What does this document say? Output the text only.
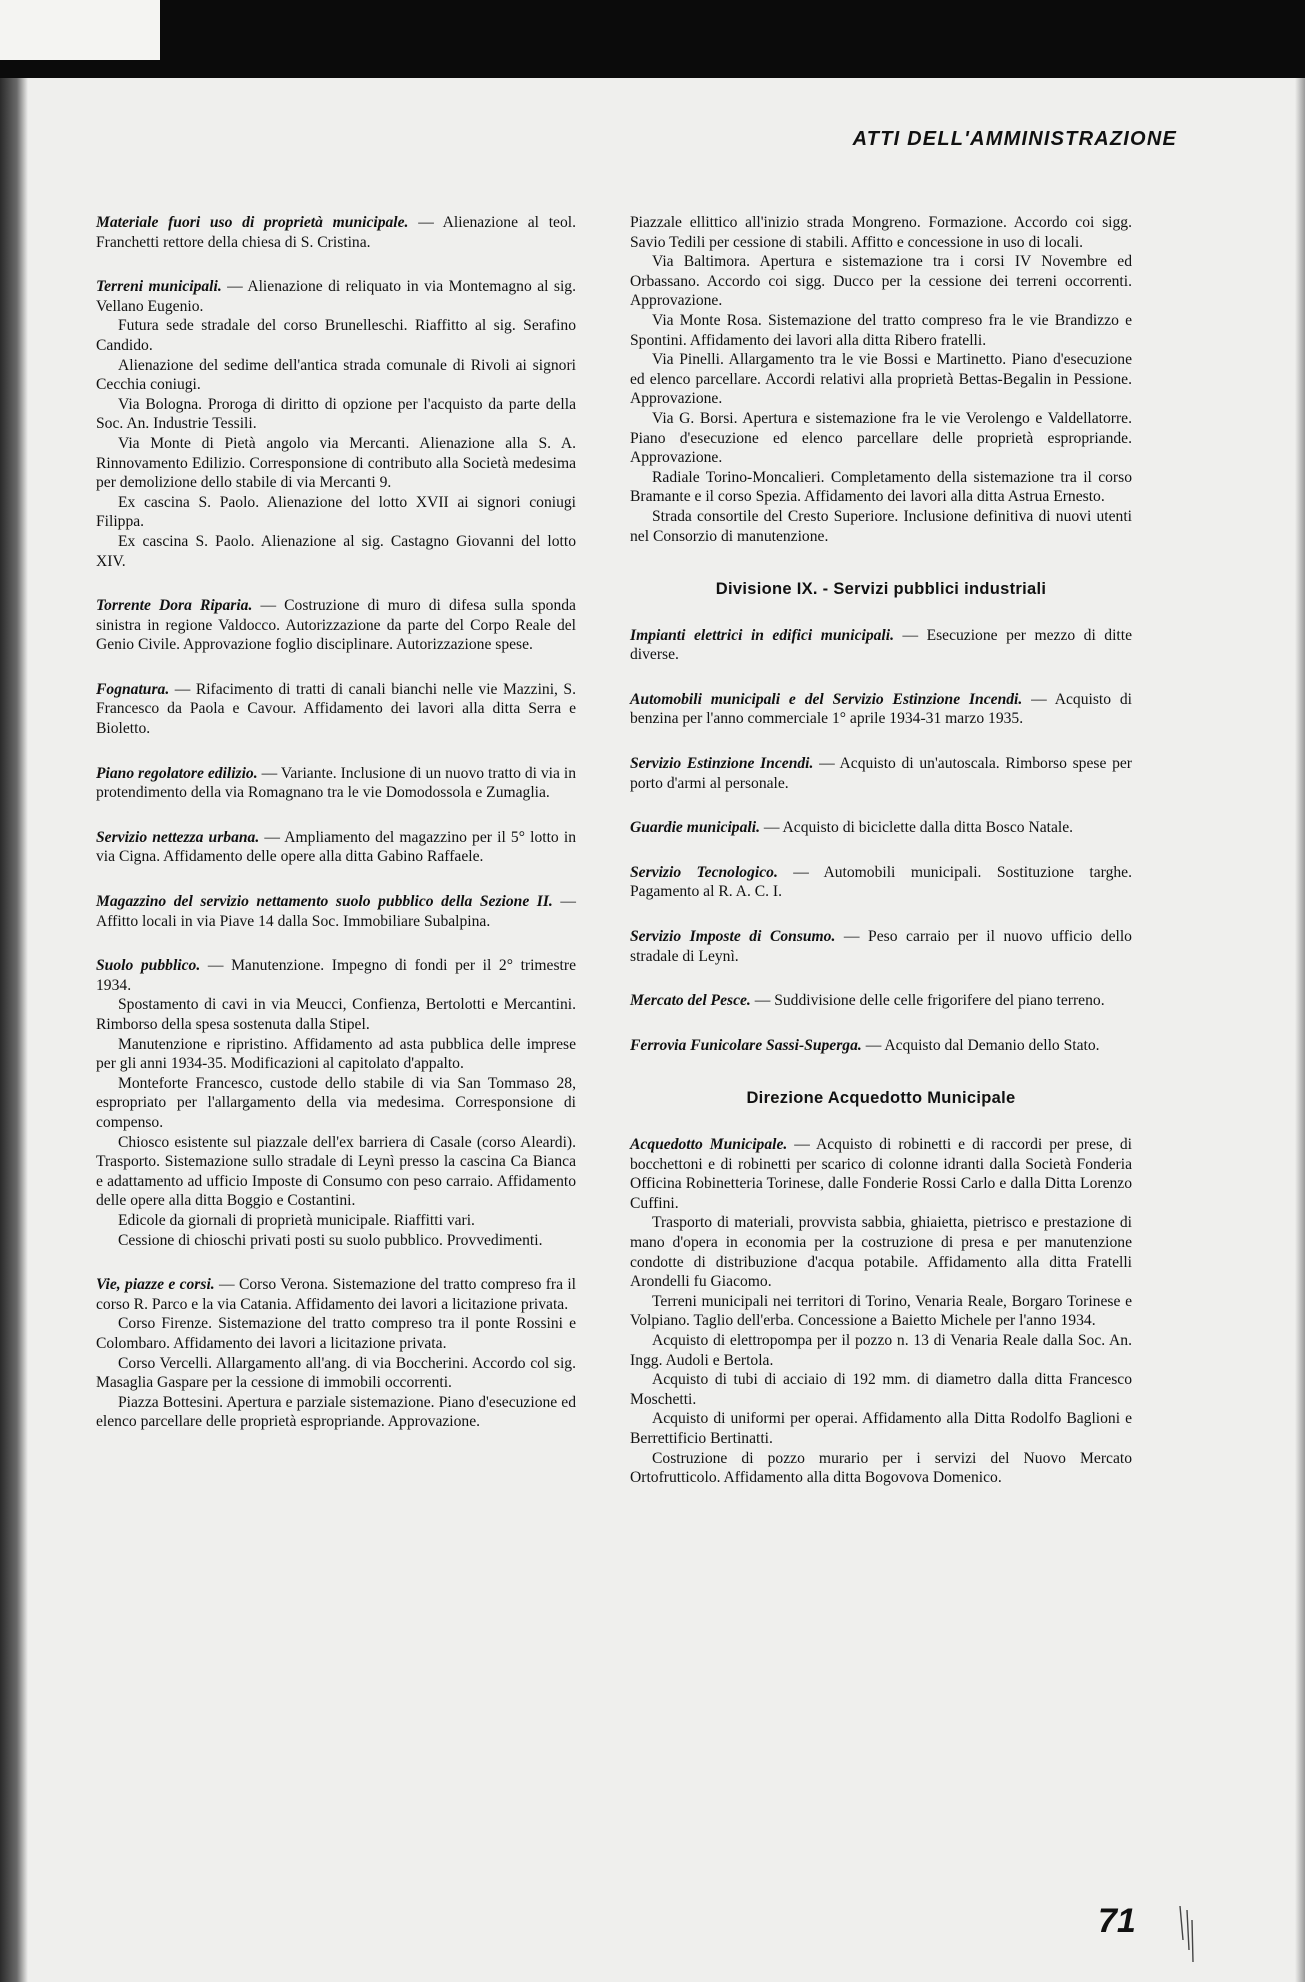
ATTI DELL'AMMINISTRAZIONE

Materiale fuori uso di proprietà municipale. — Alienazione al teol. Franchetti rettore della chiesa di S. Cristina.

Terreni municipali. — Alienazione di reliquato in via Montemagno al sig. Vellano Eugenio.

Futura sede stradale del corso Brunelleschi. Riaffitto al sig. Serafino Candido.

Alienazione del sedime dell'antica strada comunale di Rivoli ai signori Cecchia coniugi.

Via Bologna. Proroga di diritto di opzione per l'acquisto da parte della Soc. An. Industrie Tessili.

Via Monte di Pietà angolo via Mercanti. Alienazione alla S. A. Rinnovamento Edilizio. Corresponsione di contributo alla Società medesima per demolizione dello stabile di via Mercanti 9.

Ex cascina S. Paolo. Alienazione del lotto XVII ai signori coniugi Filippa.

Ex cascina S. Paolo. Alienazione al sig. Castagno Giovanni del lotto XIV.

Torrente Dora Riparia. — Costruzione di muro di difesa sulla sponda sinistra in regione Valdocco. Autorizzazione da parte del Corpo Reale del Genio Civile. Approvazione foglio disciplinare. Autorizzazione spese.

Fognatura. — Rifacimento di tratti di canali bianchi nelle vie Mazzini, S. Francesco da Paola e Cavour. Affidamento dei lavori alla ditta Serra e Bioletto.

Piano regolatore edilizio. — Variante. Inclusione di un nuovo tratto di via in protendimento della via Romagnano tra le vie Domodossola e Zumaglia.

Servizio nettezza urbana. — Ampliamento del magazzino per il 5° lotto in via Cigna. Affidamento delle opere alla ditta Gabino Raffaele.

Magazzino del servizio nettamento suolo pubblico della Sezione II. — Affitto locali in via Piave 14 dalla Soc. Immobiliare Subalpina.

Suolo pubblico. — Manutenzione. Impegno di fondi per il 2° trimestre 1934.

Spostamento di cavi in via Meucci, Confienza, Bertolotti e Mercantini. Rimborso della spesa sostenuta dalla Stipel.

Manutenzione e ripristino. Affidamento ad asta pubblica delle imprese per gli anni 1934-35. Modificazioni al capitolato d'appalto.

Monteforte Francesco, custode dello stabile di via San Tommaso 28, espropriato per l'allargamento della via medesima. Corresponsione di compenso.

Chiosco esistente sul piazzale dell'ex barriera di Casale (corso Aleardi). Trasporto. Sistemazione sullo stradale di Leynì presso la cascina Ca Bianca e adattamento ad ufficio Imposte di Consumo con peso carraio. Affidamento delle opere alla ditta Boggio e Costantini.

Edicole da giornali di proprietà municipale. Riaffitti vari.

Cessione di chioschi privati posti su suolo pubblico. Provvedimenti.

Vie, piazze e corsi. — Corso Verona. Sistemazione del tratto compreso fra il corso R. Parco e la via Catania. Affidamento dei lavori a licitazione privata.

Corso Firenze. Sistemazione del tratto compreso tra il ponte Rossini e Colombaro. Affidamento dei lavori a licitazione privata.

Corso Vercelli. Allargamento all'ang. di via Boccherini. Accordo col sig. Masaglia Gaspare per la cessione di immobili occorrenti.

Piazza Bottesini. Apertura e parziale sistemazione. Piano d'esecuzione ed elenco parcellare delle proprietà espropriande. Approvazione.

Piazzale ellittico all'inizio strada Mongreno. Formazione. Accordo coi sigg. Savio Tedili per cessione di stabili. Affitto e concessione in uso di locali.

Via Baltimora. Apertura e sistemazione tra i corsi IV Novembre ed Orbassano. Accordo coi sigg. Ducco per la cessione dei terreni occorrenti. Approvazione.

Via Monte Rosa. Sistemazione del tratto compreso fra le vie Brandizzo e Spontini. Affidamento dei lavori alla ditta Ribero fratelli.

Via Pinelli. Allargamento tra le vie Bossi e Martinetto. Piano d'esecuzione ed elenco parcellare. Accordi relativi alla proprietà Bettas-Begalin in Pessione. Approvazione.

Via G. Borsi. Apertura e sistemazione fra le vie Verolengo e Valdellatorre. Piano d'esecuzione ed elenco parcellare delle proprietà espropriande. Approvazione.

Radiale Torino-Moncalieri. Completamento della sistemazione tra il corso Bramante e il corso Spezia. Affidamento dei lavori alla ditta Astrua Ernesto.

Strada consortile del Cresto Superiore. Inclusione definitiva di nuovi utenti nel Consorzio di manutenzione.

Divisione IX. - Servizi pubblici industriali

Impianti elettrici in edifici municipali. — Esecuzione per mezzo di ditte diverse.

Automobili municipali e del Servizio Estinzione Incendi. — Acquisto di benzina per l'anno commerciale 1° aprile 1934-31 marzo 1935.

Servizio Estinzione Incendi. — Acquisto di un'autoscala. Rimborso spese per porto d'armi al personale.

Guardie municipali. — Acquisto di biciclette dalla ditta Bosco Natale.

Servizio Tecnologico. — Automobili municipali. Sostituzione targhe. Pagamento al R. A. C. I.

Servizio Imposte di Consumo. — Peso carraio per il nuovo ufficio dello stradale di Leynì.

Mercato del Pesce. — Suddivisione delle celle frigorifere del piano terreno.

Ferrovia Funicolare Sassi-Superga. — Acquisto dal Demanio dello Stato.

Direzione Acquedotto Municipale

Acquedotto Municipale. — Acquisto di robinetti e di raccordi per prese, di bocchettoni e di robinetti per scarico di colonne idranti dalla Società Fonderia Officina Robinetteria Torinese, dalle Fonderie Rossi Carlo e dalla Ditta Lorenzo Cuffini.

Trasporto di materiali, provvista sabbia, ghiaietta, pietrisco e prestazione di mano d'opera in economia per la costruzione di presa e per manutenzione condotte di distribuzione d'acqua potabile. Affidamento alla ditta Fratelli Arondelli fu Giacomo.

Terreni municipali nei territori di Torino, Venaria Reale, Borgaro Torinese e Volpiano. Taglio dell'erba. Concessione a Baietto Michele per l'anno 1934.

Acquisto di elettropompa per il pozzo n. 13 di Venaria Reale dalla Soc. An. Ingg. Audoli e Bertola.

Acquisto di tubi di acciaio di 192 mm. di diametro dalla ditta Francesco Moschetti.

Acquisto di uniformi per operai. Affidamento alla Ditta Rodolfo Baglioni e Berrettificio Bertinatti.

Costruzione di pozzo murario per i servizi del Nuovo Mercato Ortofrutticolo. Affidamento alla ditta Bogovova Domenico.

71
